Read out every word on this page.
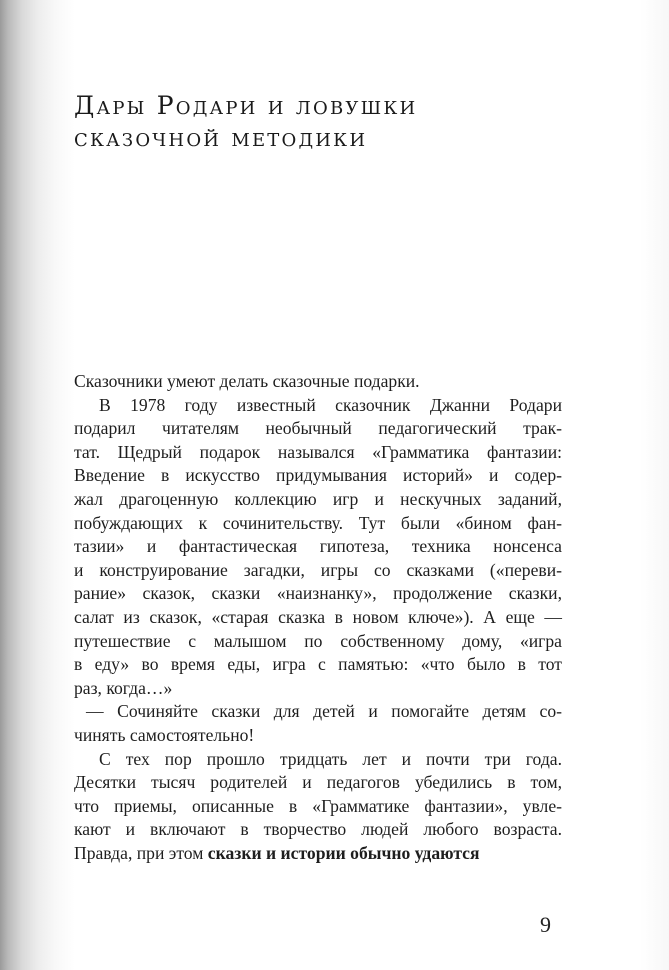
Дары Родари и ловушки
сказочной методики
Сказочники умеют делать сказочные подарки.
В 1978 году известный сказочник Джанни Родари
подарил читателям необычный педагогический трак-
тат. Щедрый подарок назывался «Грамматика фантазии:
Введение в искусство придумывания историй» и содер-
жал драгоценную коллекцию игр и нескучных заданий,
побуждающих к сочинительству. Тут были «бином фан-
тазии» и фантастическая гипотеза, техника нонсенса
и конструирование загадки, игры со сказками («переви-
рание» сказок, сказки «наизнанку», продолжение сказки,
салат из сказок, «старая сказка в новом ключе»). А еще —
путешествие с малышом по собственному дому, «игра
в еду» во время еды, игра с памятью: «что было в тот
раз, когда…»
— Сочиняйте сказки для детей и помогайте детям со-
чинять самостоятельно!
С тех пор прошло тридцать лет и почти три года.
Десятки тысяч родителей и педагогов убедились в том,
что приемы, описанные в «Грамматике фантазии», увле-
кают и включают в творчество людей любого возраста.
Правда, при этом сказки и истории обычно удаются
9
